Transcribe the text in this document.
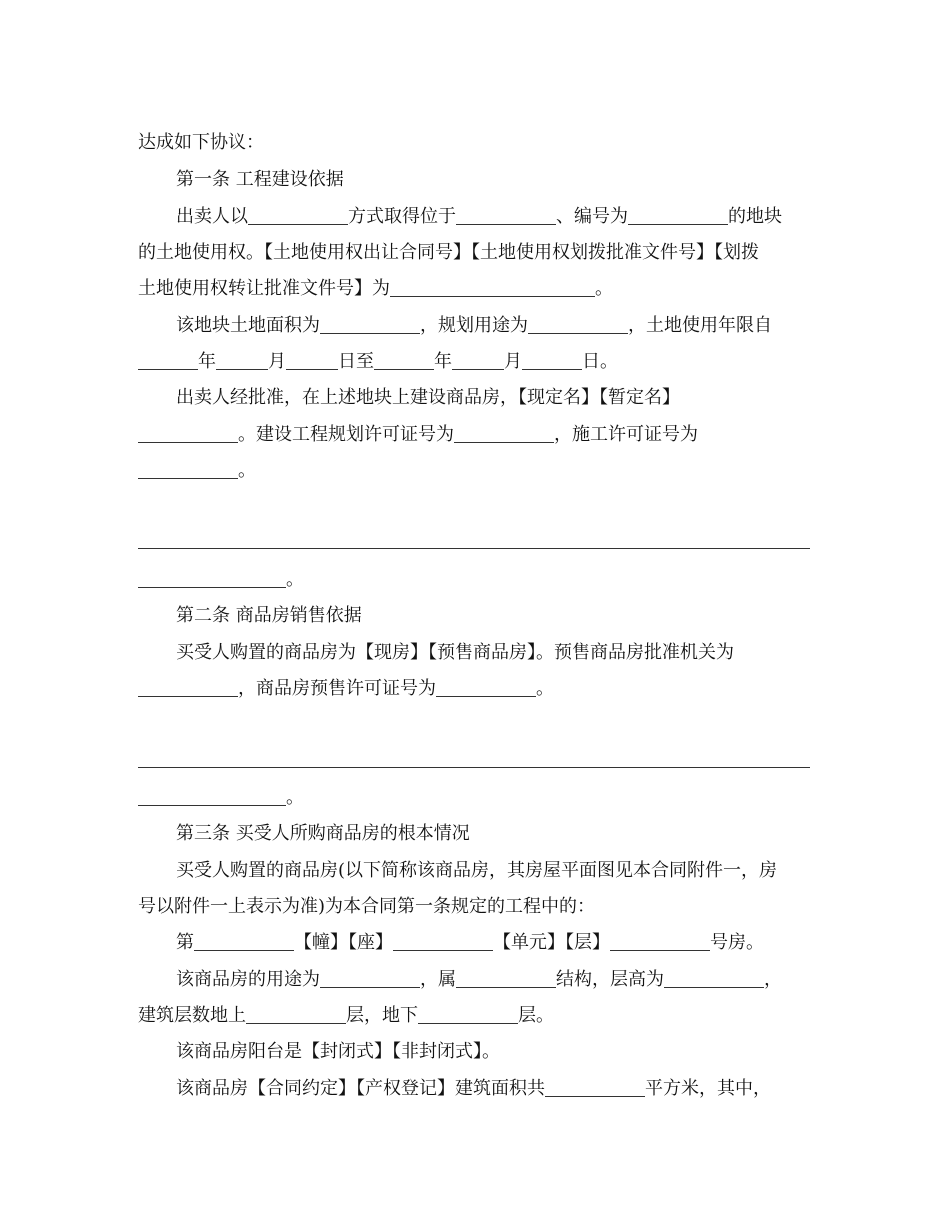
达成如下协议：
第一条 工程建设依据
出卖人以	方式取得位于	、编号为	的地块
的土地使用权。【土地使用权出让合同号】【土地使用权划拨批准文件号】【划拨
土地使用权转让批准文件号】为	。
该地块土地面积为	，规划用途为	，土地使用年限自
年	月	日至	年	月	日。
出卖人经批准，在上述地块上建设商品房，【现定名】【暂定名】
。建设工程规划许可证号为	，施工许可证号为
。
。
第二条 商品房销售依据
买受人购置的商品房为【现房】【预售商品房】。预售商品房批准机关为
，商品房预售许可证号为	。
。
第三条 买受人所购商品房的根本情况
买受人购置的商品房(以下简称该商品房，其房屋平面图见本合同附件一，房
号以附件一上表示为准)为本合同第一条规定的工程中的：
第	【幢】【座】	【单元】【层】	号房。
该商品房的用途为	，属	结构，层高为	，
建筑层数地上	层，地下	层。
该商品房阳台是【封闭式】【非封闭式】。
该商品房【合同约定】【产权登记】建筑面积共	平方米，其中，
